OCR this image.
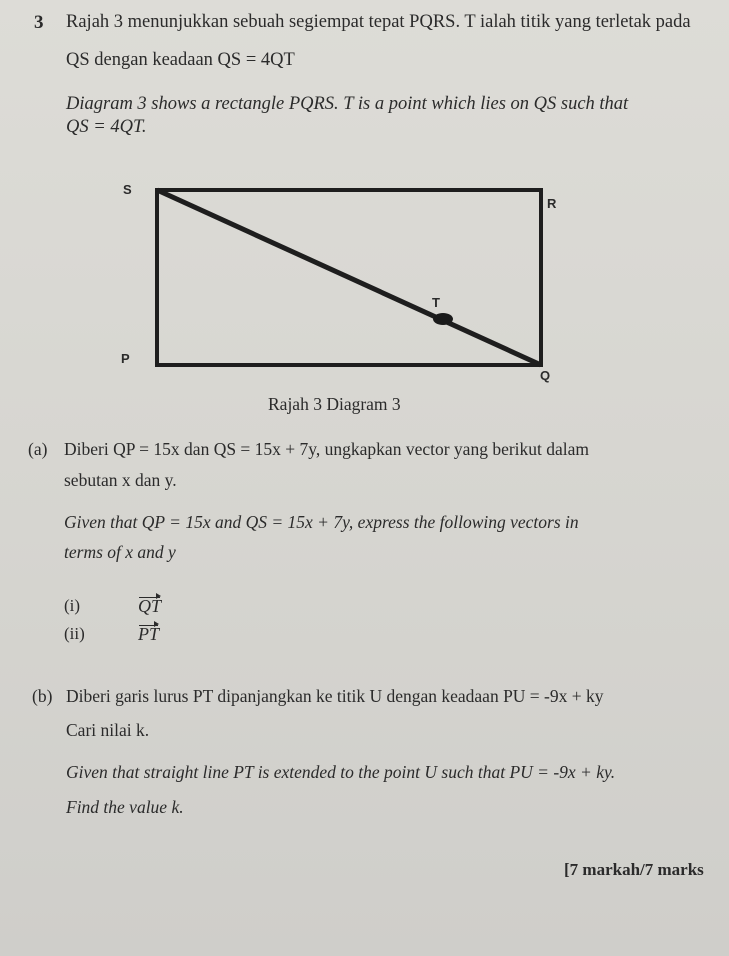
3 Rajah 3 menunjukkan sebuah segiempat tepat PQRS. T ialah titik yang terletak pada
QS dengan keadaan QS = 4QT
Diagram 3 shows a rectangle PQRS. T is a point which lies on QS such that
QS = 4QT.
S
R
T
P
Q
Rajah 3 Diagram 3
(a) Diberi QP = 15x dan QS = 15x + 7y, ungkapkan vector yang berikut dalam
sebutan x dan y.
Given that QP = 15x and QS = 15x + 7y, express the following vectors in
terms of x and y
(i)	QT
(ii)	PT
(b) Diberi garis lurus PT dipanjangkan ke titik U dengan keadaan PU = -9x + ky
Cari nilai k.
Given that straight line PT is extended to the point U such that PU = -9x + ky.
Find the value k.
[7 markah/7 marks
